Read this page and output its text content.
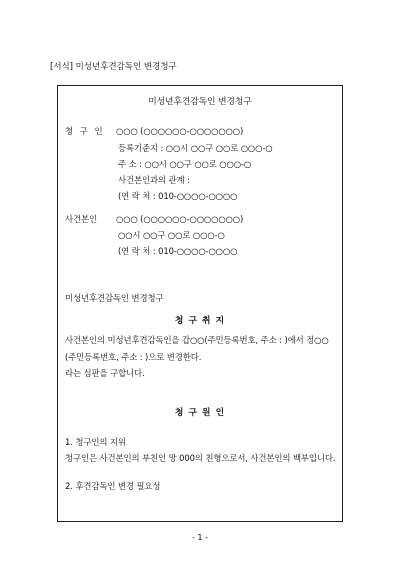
[서식] 미성년후견감독인 변경청구
미성년후견감독인 변경청구
청 구 인 ○○○ (○○○○○○-○○○○○○○)
등록기준지 : ○○시 ○○구 ○○로 ○○○-○
주 소 : ○○시 ○○구 ○○로 ○○○-○
사건본인과의 관계 :
(연 락 처 : 010-○○○○-○○○○
사건본인 ○○○ (○○○○○○-○○○○○○○)
○○시 ○○구 ○○로 ○○○-○
(연 락 처 : 010-○○○○-○○○○
미성년후견감독인 변경청구
청 구 취 지
사건본인의 미성년후견감독인을 갑○○(주민등록번호, 주소 : )에서 정○○
(주민등록번호, 주소 : )으로 변경한다.
라는 심판을 구합니다.
청 구 원 인
1. 청구인의 지위
청구인은 사건본인의 부친인 망 000의 친형으로서, 사건본인의 백부입니다.
2. 후견감독인 변경 필요성
- 1 -
